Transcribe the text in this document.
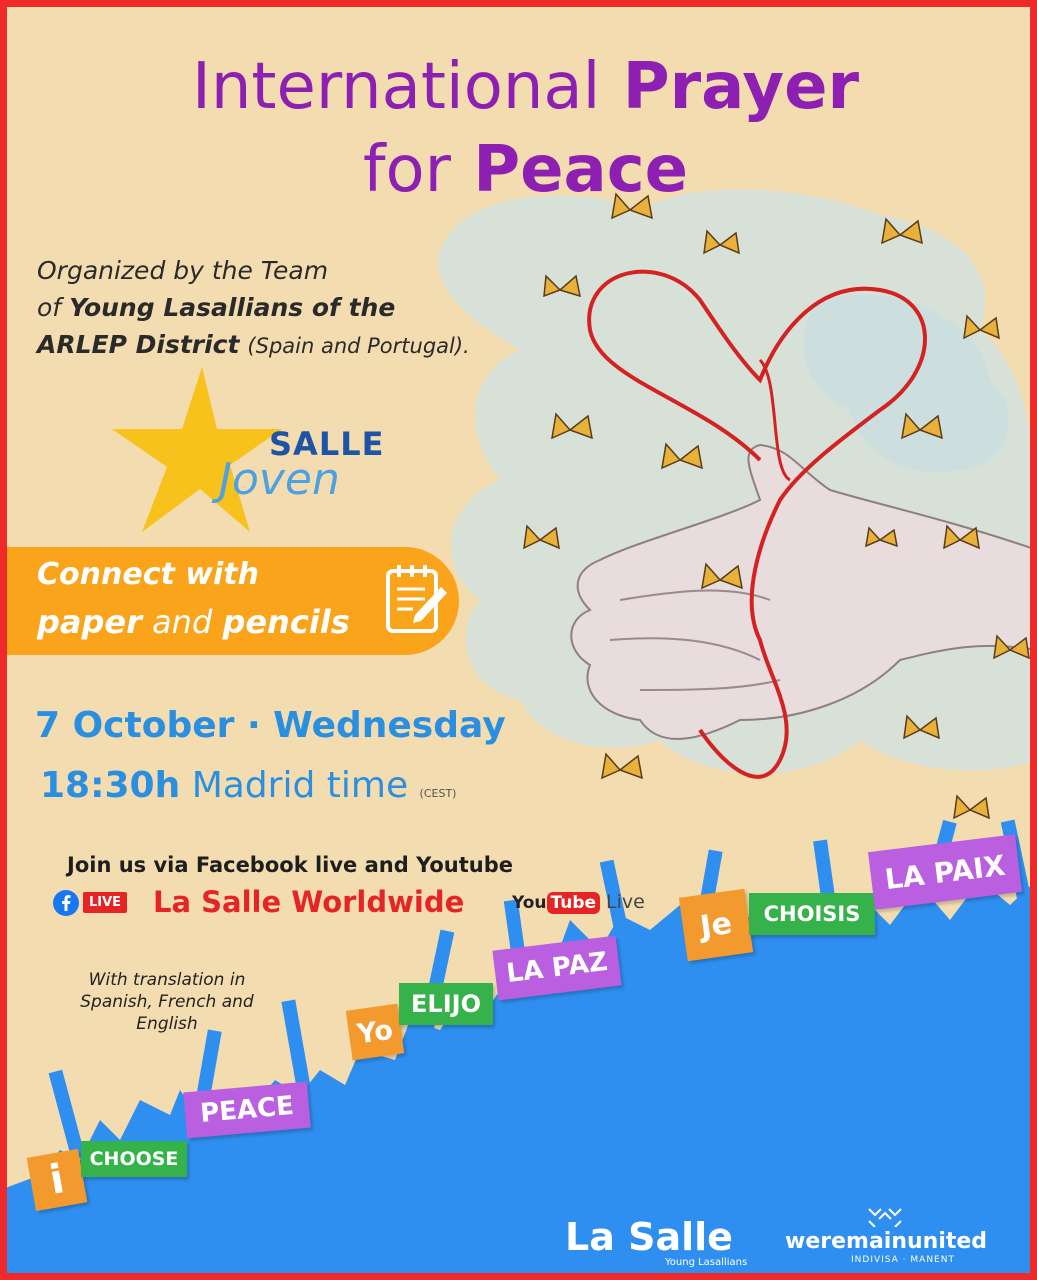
International Prayer
for Peace
Organized by the Team
of Young Lasallians of the
ARLEP District (Spain and Portugal).
SALLE
Joven
Connect with
paper and pencils
7 October · Wednesday
18:30h Madrid time (CEST)
Join us via Facebook live and Youtube
LIVE La Salle Worldwide	You Tube Live
With translation in
Spanish, French and English
i	CHOOSE
PEACE
Yo
ELIJO
LA PAZ
Je	CHOISIS
LA PAIX
La Salle
Young Lasallians
weremainunited
INDIVISA · MANENT
